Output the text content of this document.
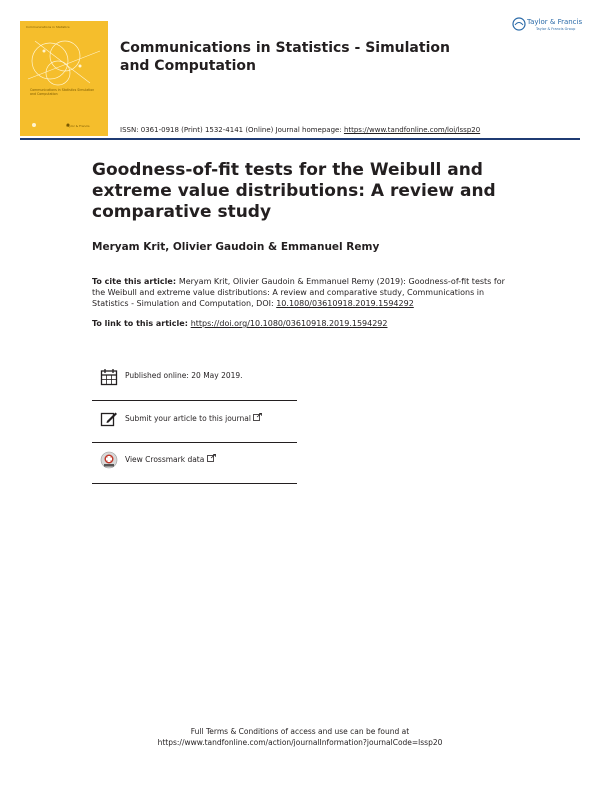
Communications in Statistics
Communications in Statistics Simulation and Computation
Taylor & Francis
Communications in Statistics - Simulation and Computation
Taylor & Francis
Taylor & Francis Group
ISSN: 0361-0918 (Print) 1532-4141 (Online) Journal homepage: https://www.tandfonline.com/loi/lssp20
Goodness-of-fit tests for the Weibull and extreme value distributions: A review and comparative study
Meryam Krit, Olivier Gaudoin & Emmanuel Remy
To cite this article: Meryam Krit, Olivier Gaudoin & Emmanuel Remy (2019): Goodness-of-fit tests for the Weibull and extreme value distributions: A review and comparative study, Communications in Statistics - Simulation and Computation, DOI: 10.1080/03610918.2019.1594292
To link to this article: https://doi.org/10.1080/03610918.2019.1594292
Published online: 20 May 2019.
Submit your article to this journal
View Crossmark data
Full Terms & Conditions of access and use can be found at
https://www.tandfonline.com/action/journalInformation?journalCode=lssp20
